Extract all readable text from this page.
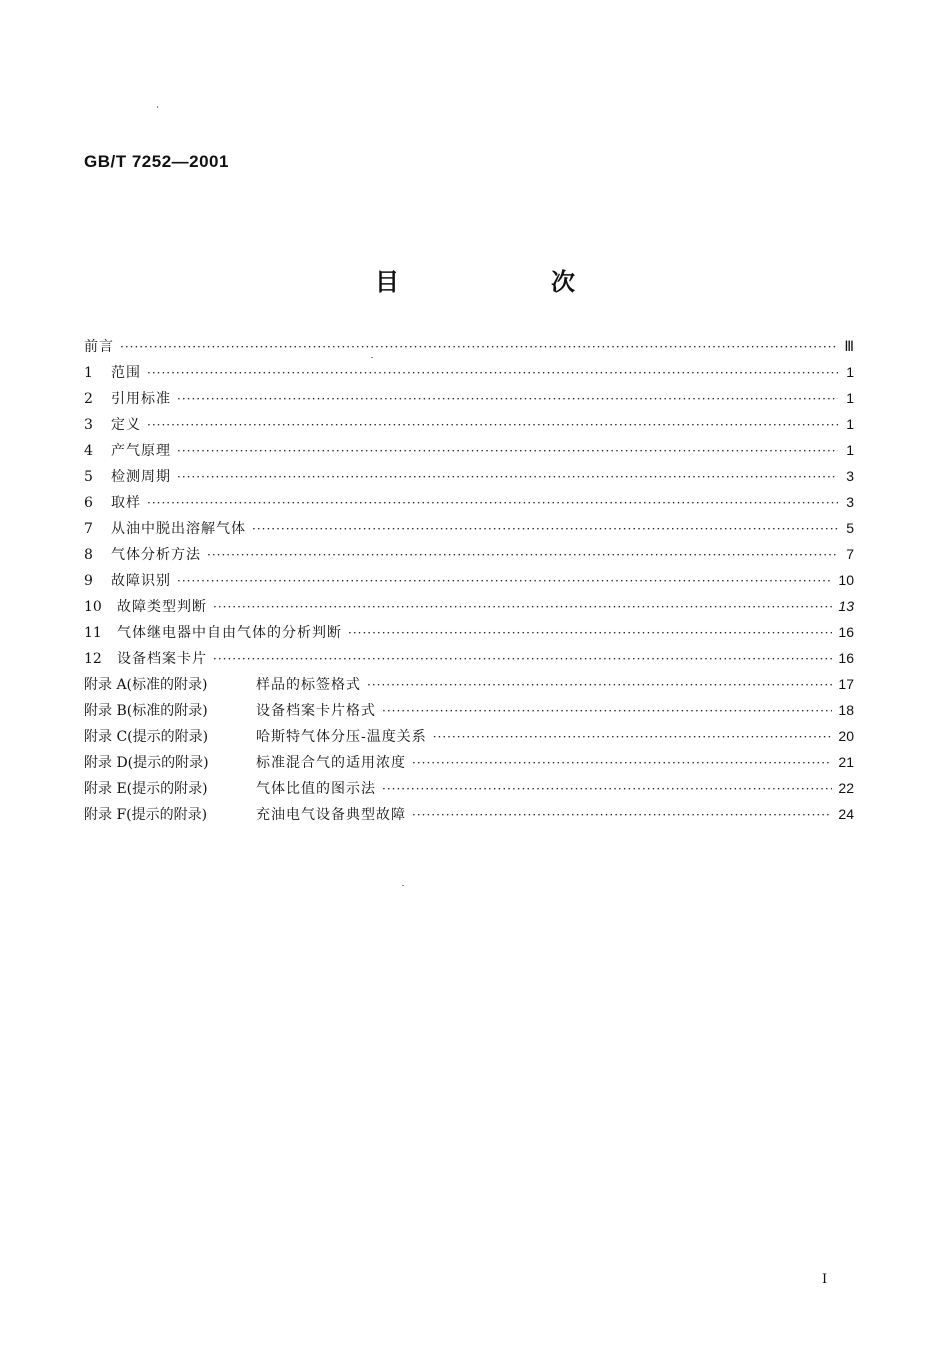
GB/T 7252—2001
目　次
前言 ·····	Ⅲ
1	范围 ·····	1
2	引用标准 ·····	1
3	定义 ·····	1
4	产气原理 ·····	1
5	检测周期 ·····	3
6	取样 ·····	3
7	从油中脱出溶解气体 ·····	5
8	气体分析方法 ·····	7
9	故障识别 ·····	10
10	故障类型判断 ·····	13
11	气体继电器中自由气体的分析判断 ·····	16
12	设备档案卡片 ·····	16
附录 A(标准的附录)	样品的标签格式 ·····	17
附录 B(标准的附录)	设备档案卡片格式 ·····	18
附录 C(提示的附录)	哈斯特气体分压-温度关系 ·····	20
附录 D(提示的附录)	标准混合气的适用浓度 ·····	21
附录 E(提示的附录)	气体比值的图示法 ·····	22
附录 F(提示的附录)	充油电气设备典型故障 ·····	24
I
